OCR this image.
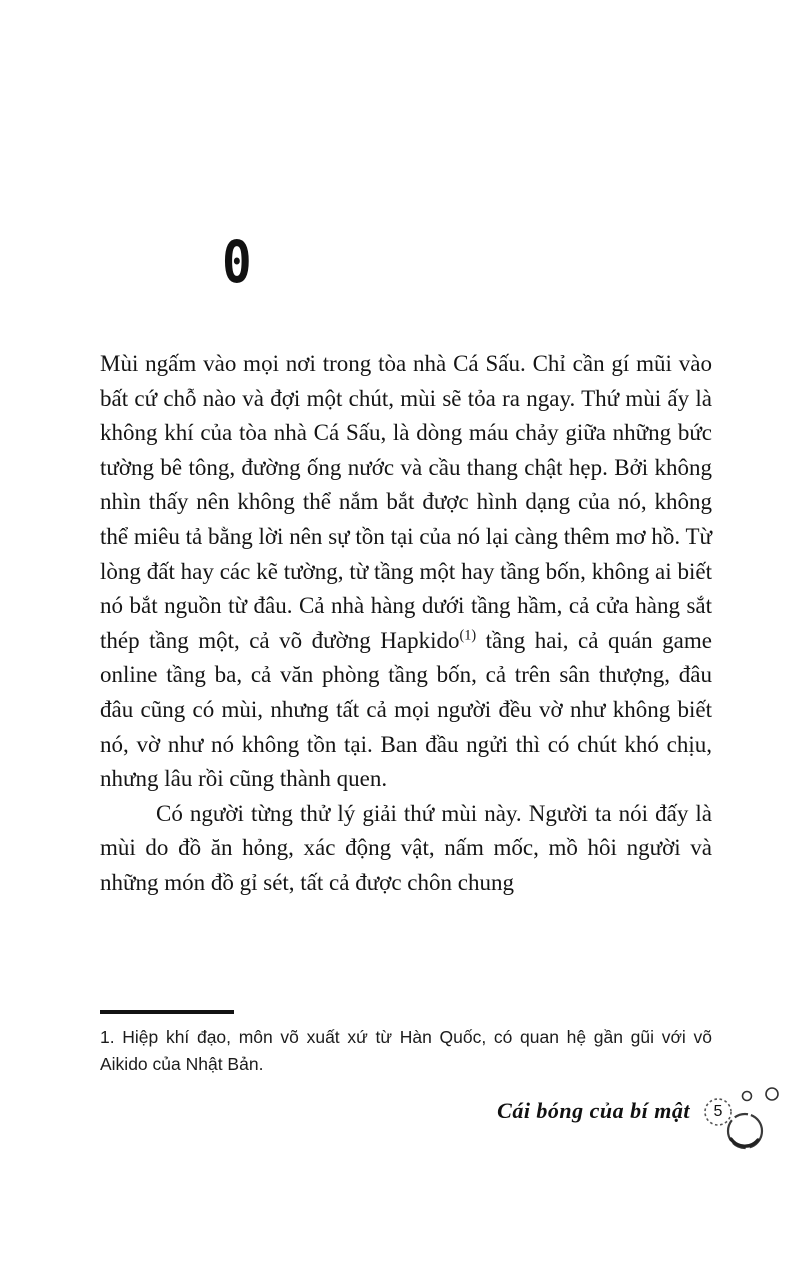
0

Mùi ngấm vào mọi nơi trong tòa nhà Cá Sấu. Chỉ cần gí mũi vào bất cứ chỗ nào và đợi một chút, mùi sẽ tỏa ra ngay. Thứ mùi ấy là không khí của tòa nhà Cá Sấu, là dòng máu chảy giữa những bức tường bê tông, đường ống nước và cầu thang chật hẹp. Bởi không nhìn thấy nên không thể nắm bắt được hình dạng của nó, không thể miêu tả bằng lời nên sự tồn tại của nó lại càng thêm mơ hồ. Từ lòng đất hay các kẽ tường, từ tầng một hay tầng bốn, không ai biết nó bắt nguồn từ đâu. Cả nhà hàng dưới tầng hầm, cả cửa hàng sắt thép tầng một, cả võ đường Hapkido$^{(1)}$ tầng hai, cả quán game online tầng ba, cả văn phòng tầng bốn, cả trên sân thượng, đâu đâu cũng có mùi, nhưng tất cả mọi người đều vờ như không biết nó, vờ như nó không tồn tại. Ban đầu ngửi thì có chút khó chịu, nhưng lâu rồi cũng thành quen.

Có người từng thử lý giải thứ mùi này. Người ta nói đấy là mùi do đồ ăn hỏng, xác động vật, nấm mốc, mồ hôi người và những món đồ gỉ sét, tất cả được chôn chung

1. Hiệp khí đạo, môn võ xuất xứ từ Hàn Quốc, có quan hệ gần gũi với võ Aikido của Nhật Bản.
Cái bóng của bí mật	5
